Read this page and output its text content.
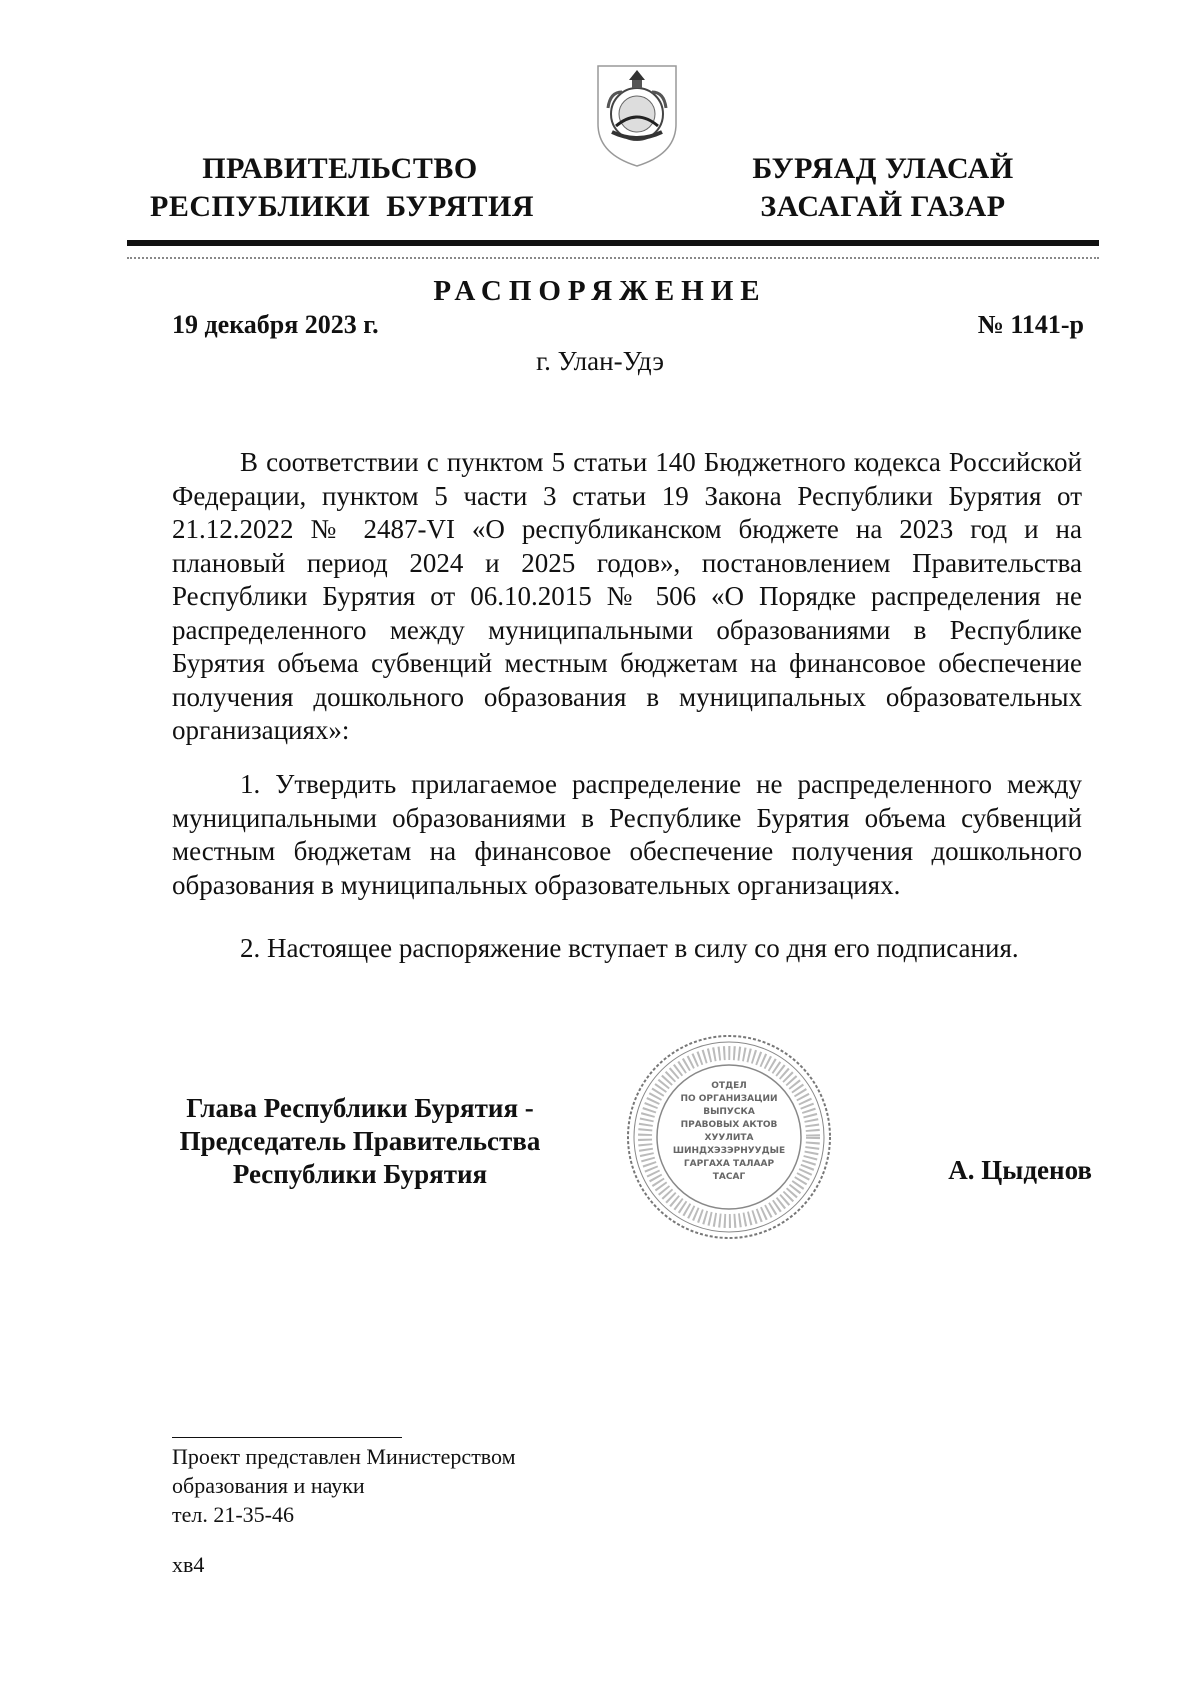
ПРАВИТЕЛЬСТВО
РЕСПУБЛИКИ  БУРЯТИЯ
БУРЯАД УЛАСАЙ
ЗАСАГАЙ ГАЗАР
РАСПОРЯЖЕНИЕ
19 декабря 2023 г.	№ 1141-р
г. Улан-Удэ
В соответствии с пунктом 5 статьи 140 Бюджетного кодекса Российской Федерации, пунктом 5 части 3 статьи 19 Закона Республики Бурятия от 21.12.2022 № 2487-VI «О республиканском бюджете на 2023 год и на плановый период 2024 и 2025 годов», постановлением Правительства Республики Бурятия от 06.10.2015 № 506 «О Порядке распределения не распределенного между муниципальными образованиями в Республике Бурятия объема субвенций местным бюджетам на финансовое обеспечение получения дошкольного образования в муниципальных образовательных организациях»:
1. Утвердить прилагаемое распределение не распределенного между муниципальными образованиями в Республике Бурятия объема субвенций местным бюджетам на финансовое обеспечение получения дошкольного образования в муниципальных образовательных организациях.
2. Настоящее распоряжение вступает в силу со дня его подписания.
Глава Республики Бурятия -
Председатель Правительства
Республики Бурятия	А. Цыденов
ОТДЕЛ
ПО ОРГАНИЗАЦИИ
ВЫПУСКА
ПРАВОВЫХ АКТОВ
ХУУЛИТА
ШИНДХЭЗЭРНУУДЫЕ
ГАРГАХА ТАЛААР
ТАСАГ
Проект представлен Министерством
образования и науки
тел. 21-35-46
хв4
